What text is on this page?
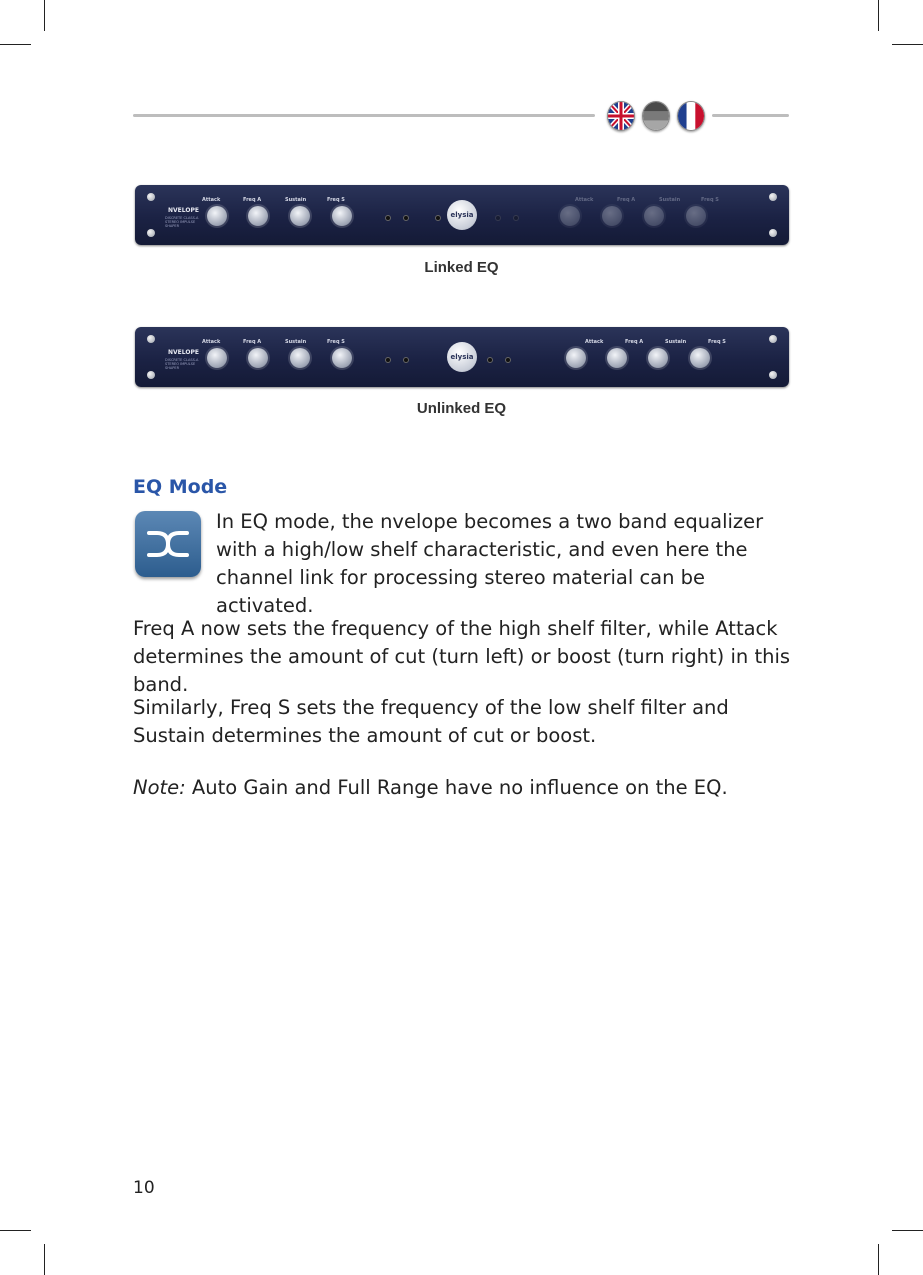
NVELOPE
DISCRETE CLASS-A STEREO IMPULSE SHAPER
Attack	Freq A	Sustain	Freq S
elysia
Attack	Freq A	Sustain	Freq S
Linked EQ
NVELOPE
DISCRETE CLASS-A STEREO IMPULSE SHAPER
Attack	Freq A	Sustain	Freq S
elysia
Attack	Freq A	Sustain	Freq S
Unlinked EQ
EQ Mode
In EQ mode, the nvelope becomes a two band equalizer with a high/low shelf characteristic, and even here the channel link for processing stereo material can be activated.
Freq A now sets the frequency of the high shelf filter, while Attack determines the amount of cut (turn left) or boost (turn right) in this band.
Similarly, Freq S sets the frequency of the low shelf filter and Sustain determines the amount of cut or boost.
Note: Auto Gain and Full Range have no influence on the EQ.
10
